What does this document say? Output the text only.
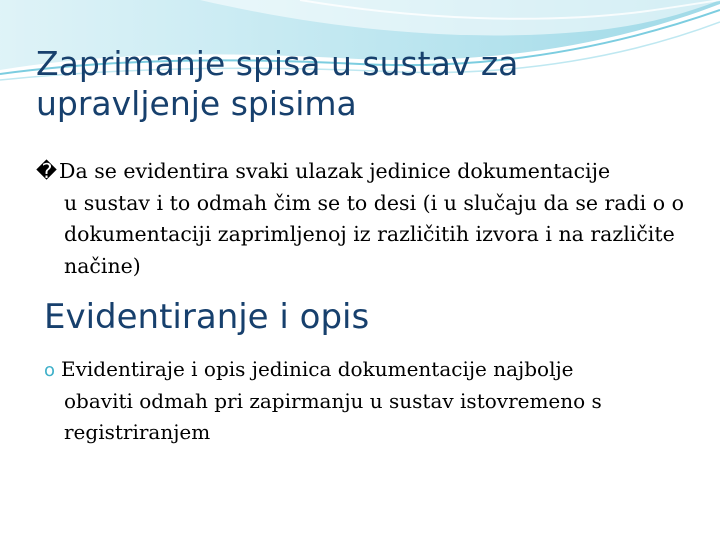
Zaprimanje spisa u sustav za upravljenje spisima
�Da se evidentira svaki ulazak jedinice dokumentacije
u sustav i to odmah čim se to desi (i u slučaju da se radi o o dokumentaciji zaprimljenoj iz različitih izvora i na različite načine)
Evidentiranje i opis
o Evidentiraje i opis jedinica dokumentacije najbolje
obaviti odmah pri zapirmanju u sustav istovremeno s registriranjem
